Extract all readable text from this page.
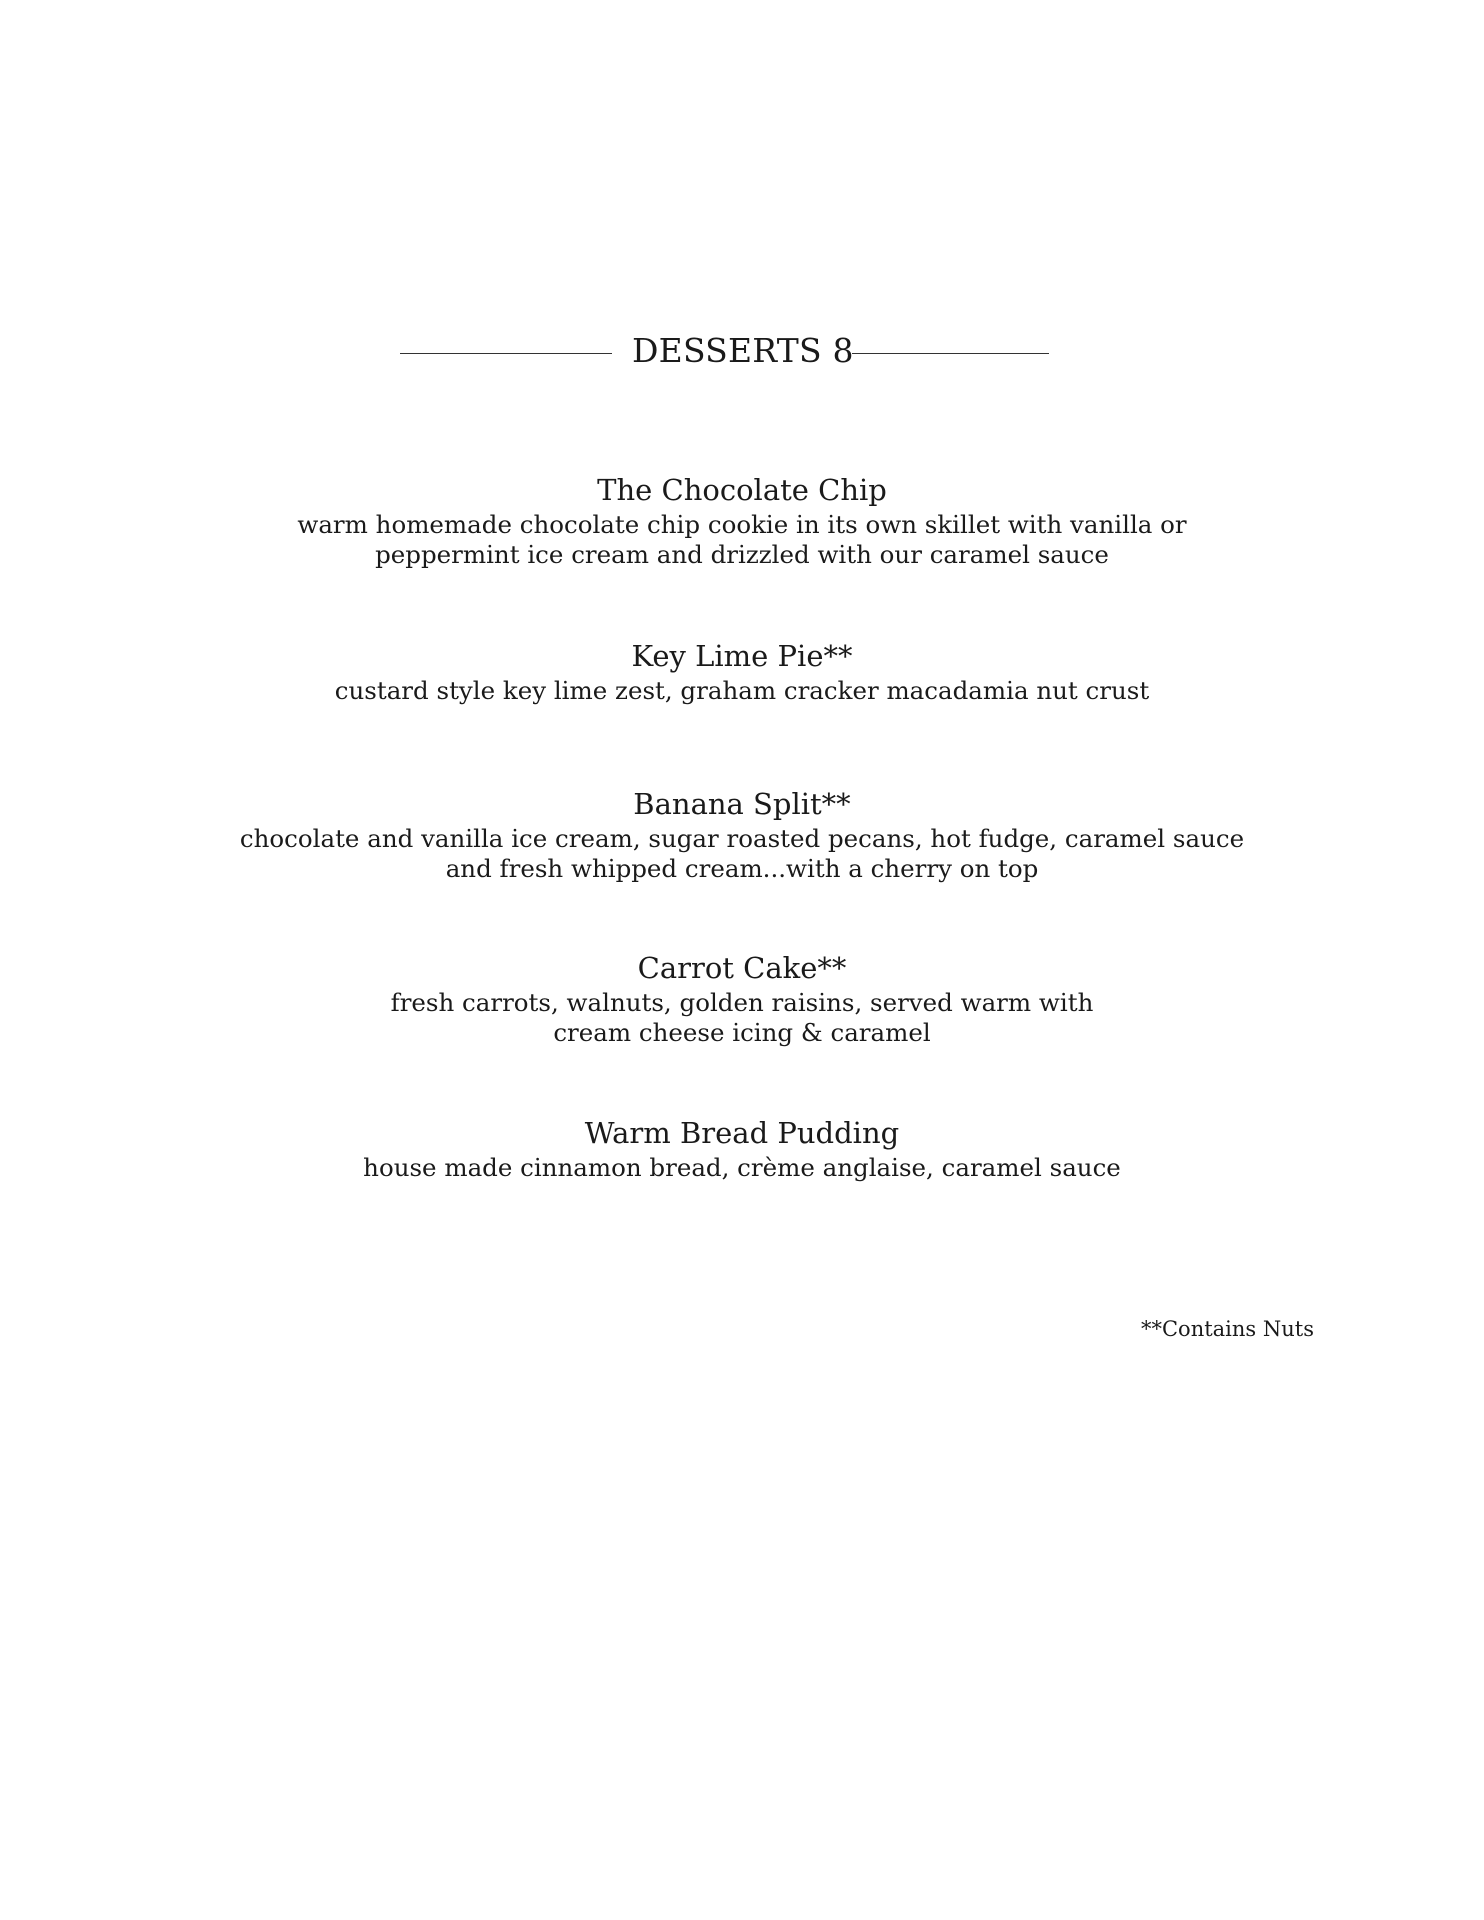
DESSERTS 8
The Chocolate Chip
warm homemade chocolate chip cookie in its own skillet with vanilla or
peppermint ice cream and drizzled with our caramel sauce
Key Lime Pie**
custard style key lime zest, graham cracker macadamia nut crust
Banana Split**
chocolate and vanilla ice cream, sugar roasted pecans, hot fudge, caramel sauce
and fresh whipped cream...with a cherry on top
Carrot Cake**
fresh carrots, walnuts, golden raisins, served warm with
cream cheese icing & caramel
Warm Bread Pudding
house made cinnamon bread, crème anglaise, caramel sauce
**Contains Nuts
